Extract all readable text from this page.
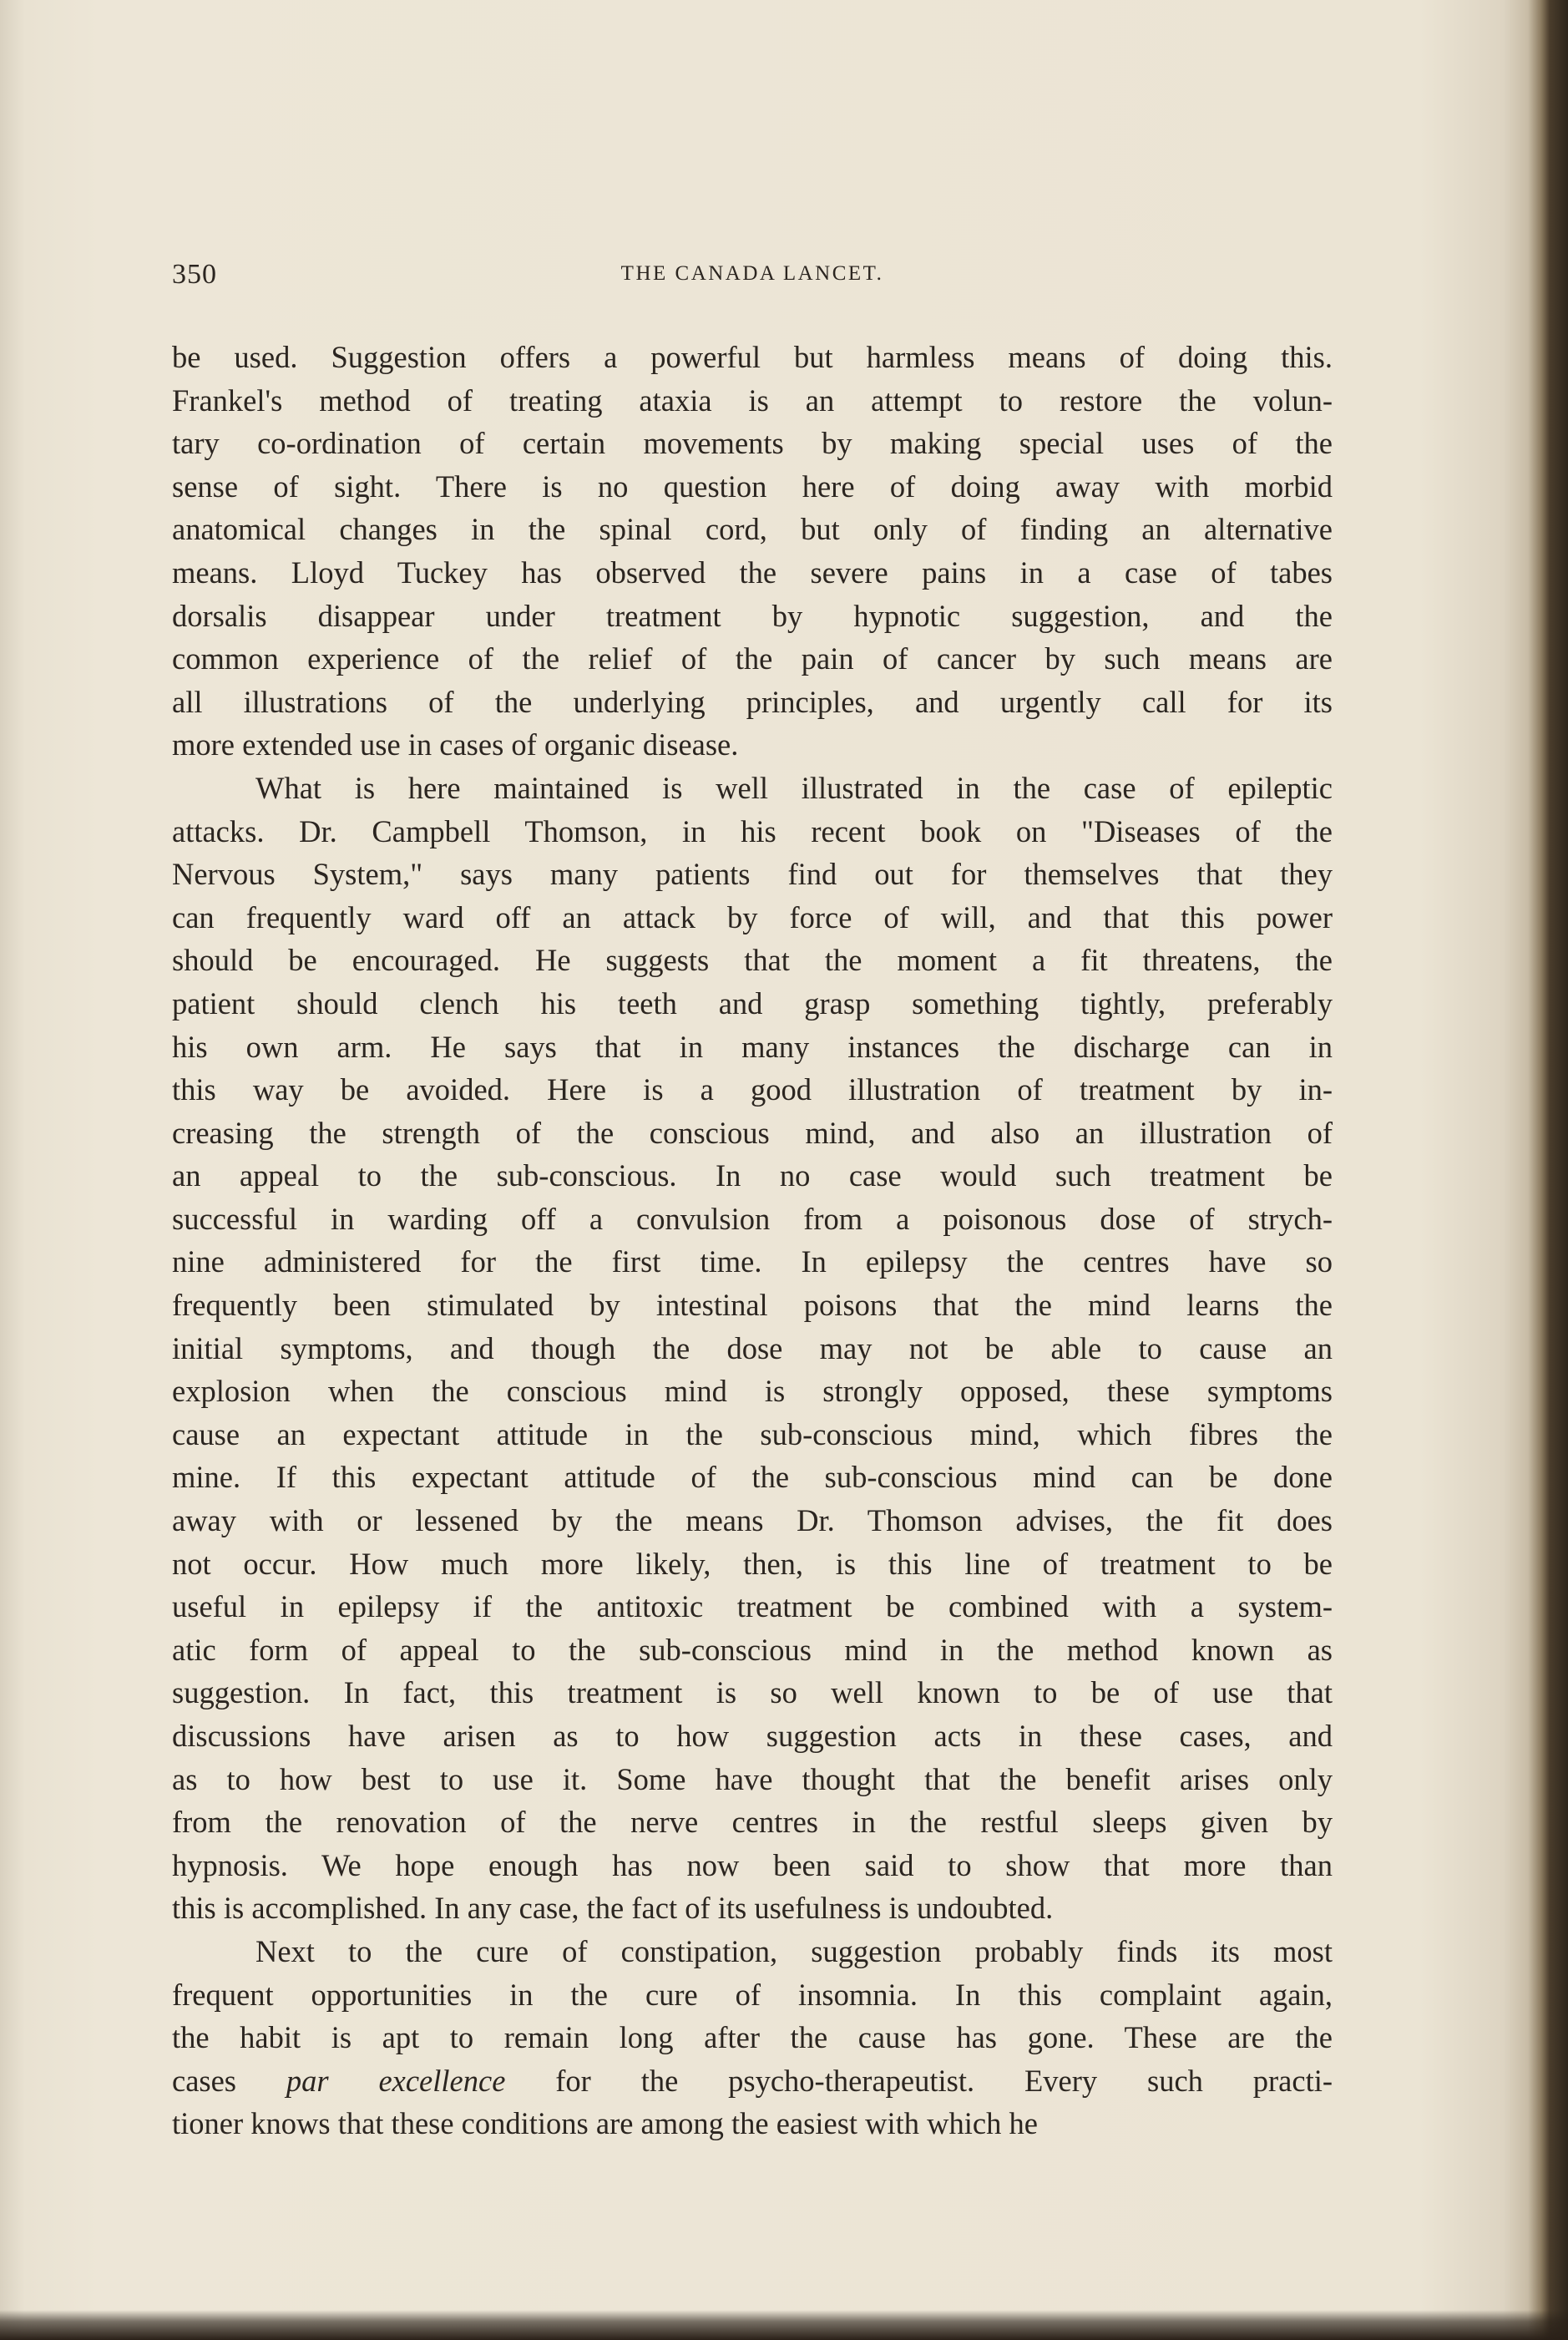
350	THE CANADA LANCET.
be used. Suggestion offers a powerful but harmless means of doing this.
Frankel's method of treating ataxia is an attempt to restore the volun-
tary co-ordination of certain movements by making special uses of the
sense of sight. There is no question here of doing away with morbid
anatomical changes in the spinal cord, but only of finding an alternative
means. Lloyd Tuckey has observed the severe pains in a case of tabes
dorsalis disappear under treatment by hypnotic suggestion, and the
common experience of the relief of the pain of cancer by such means are
all illustrations of the underlying principles, and urgently call for its
more extended use in cases of organic disease.
What is here maintained is well illustrated in the case of epileptic
attacks. Dr. Campbell Thomson, in his recent book on "Diseases of the
Nervous System," says many patients find out for themselves that they
can frequently ward off an attack by force of will, and that this power
should be encouraged. He suggests that the moment a fit threatens, the
patient should clench his teeth and grasp something tightly, preferably
his own arm. He says that in many instances the discharge can in
this way be avoided. Here is a good illustration of treatment by in-
creasing the strength of the conscious mind, and also an illustration of
an appeal to the sub-conscious. In no case would such treatment be
successful in warding off a convulsion from a poisonous dose of strych-
nine administered for the first time. In epilepsy the centres have so
frequently been stimulated by intestinal poisons that the mind learns the
initial symptoms, and though the dose may not be able to cause an
explosion when the conscious mind is strongly opposed, these symptoms
cause an expectant attitude in the sub-conscious mind, which fibres the
mine. If this expectant attitude of the sub-conscious mind can be done
away with or lessened by the means Dr. Thomson advises, the fit does
not occur. How much more likely, then, is this line of treatment to be
useful in epilepsy if the antitoxic treatment be combined with a system-
atic form of appeal to the sub-conscious mind in the method known as
suggestion. In fact, this treatment is so well known to be of use that
discussions have arisen as to how suggestion acts in these cases, and
as to how best to use it. Some have thought that the benefit arises only
from the renovation of the nerve centres in the restful sleeps given by
hypnosis. We hope enough has now been said to show that more than
this is accomplished. In any case, the fact of its usefulness is undoubted.
Next to the cure of constipation, suggestion probably finds its most
frequent opportunities in the cure of insomnia. In this complaint again,
the habit is apt to remain long after the cause has gone. These are the
cases par excellence for the psycho-therapeutist. Every such practi-
tioner knows that these conditions are among the easiest with which he
